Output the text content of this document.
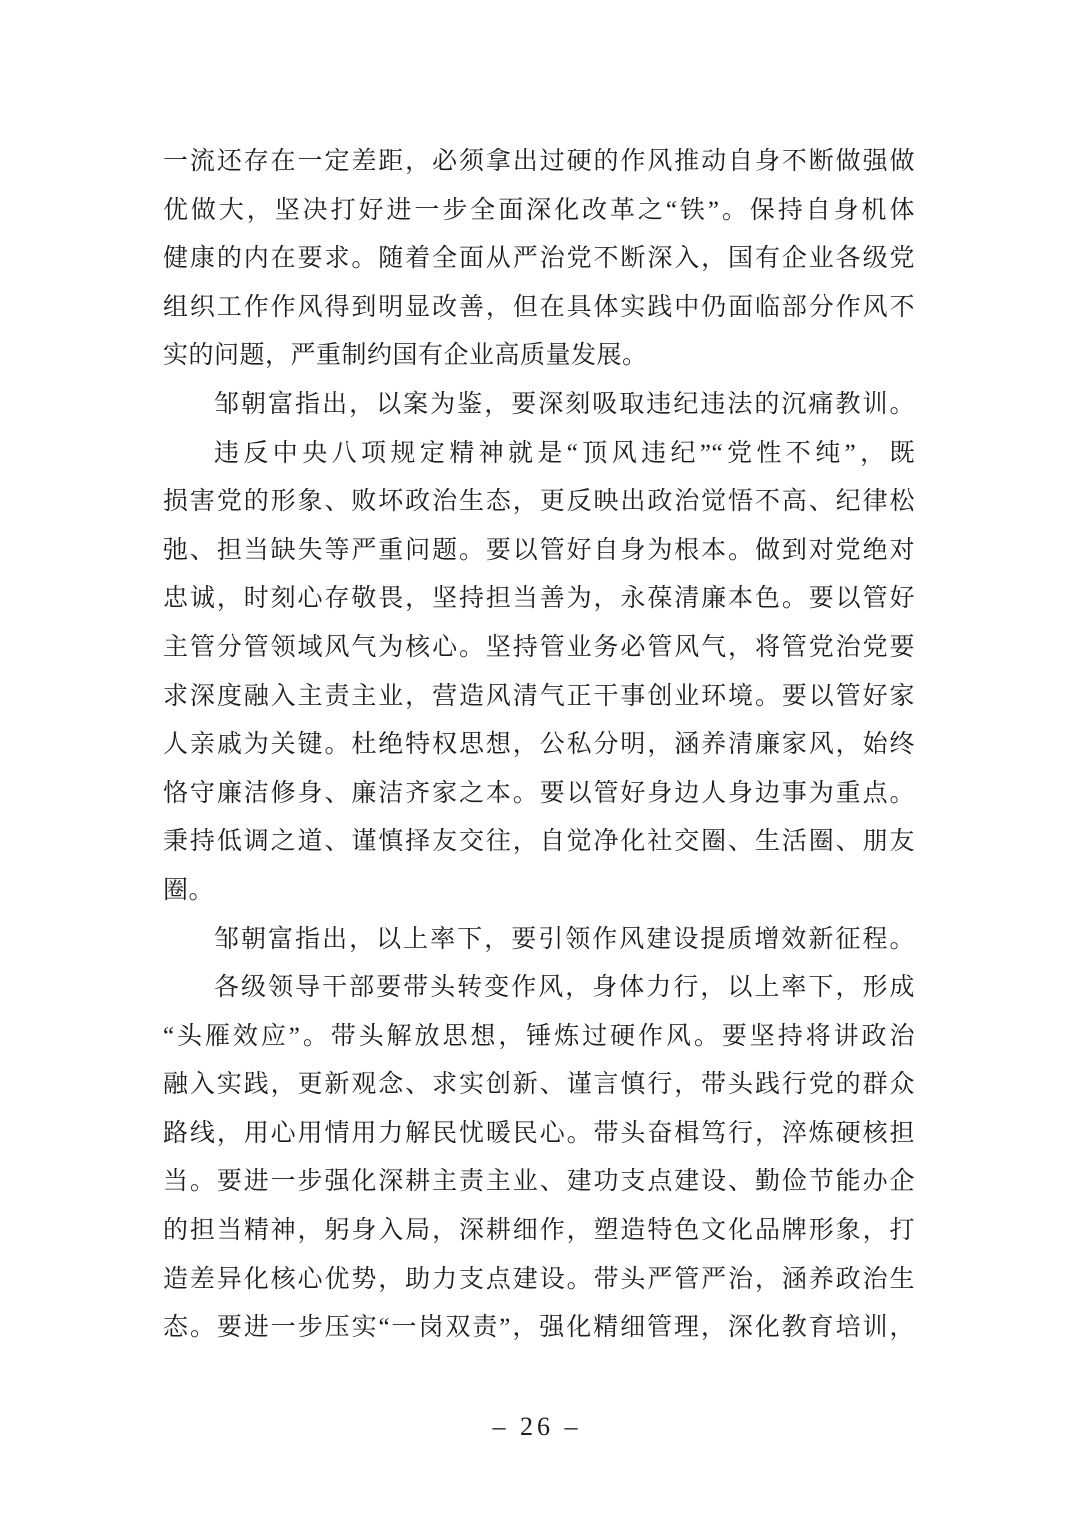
一流还存在一定差距，必须拿出过硬的作风推动自身不断做强做
优做大，坚决打好进一步全面深化改革之“铁”。保持自身机体
健康的内在要求。随着全面从严治党不断深入，国有企业各级党
组织工作作风得到明显改善，但在具体实践中仍面临部分作风不
实的问题，严重制约国有企业高质量发展。
邹朝富指出，以案为鉴，要深刻吸取违纪违法的沉痛教训。
违反中央八项规定精神就是“顶风违纪”“党性不纯”，既
损害党的形象、败坏政治生态，更反映出政治觉悟不高、纪律松
弛、担当缺失等严重问题。要以管好自身为根本。做到对党绝对
忠诚，时刻心存敬畏，坚持担当善为，永葆清廉本色。要以管好
主管分管领域风气为核心。坚持管业务必管风气，将管党治党要
求深度融入主责主业，营造风清气正干事创业环境。要以管好家
人亲戚为关键。杜绝特权思想，公私分明，涵养清廉家风，始终
恪守廉洁修身、廉洁齐家之本。要以管好身边人身边事为重点。
秉持低调之道、谨慎择友交往，自觉净化社交圈、生活圈、朋友
圈。
邹朝富指出，以上率下，要引领作风建设提质增效新征程。
各级领导干部要带头转变作风，身体力行，以上率下，形成
“头雁效应”。带头解放思想，锤炼过硬作风。要坚持将讲政治
融入实践，更新观念、求实创新、谨言慎行，带头践行党的群众
路线，用心用情用力解民忧暖民心。带头奋楫笃行，淬炼硬核担
当。要进一步强化深耕主责主业、建功支点建设、勤俭节能办企
的担当精神，躬身入局，深耕细作，塑造特色文化品牌形象，打
造差异化核心优势，助力支点建设。带头严管严治，涵养政治生
态。要进一步压实“一岗双责”，强化精细管理，深化教育培训，
– 26 –
